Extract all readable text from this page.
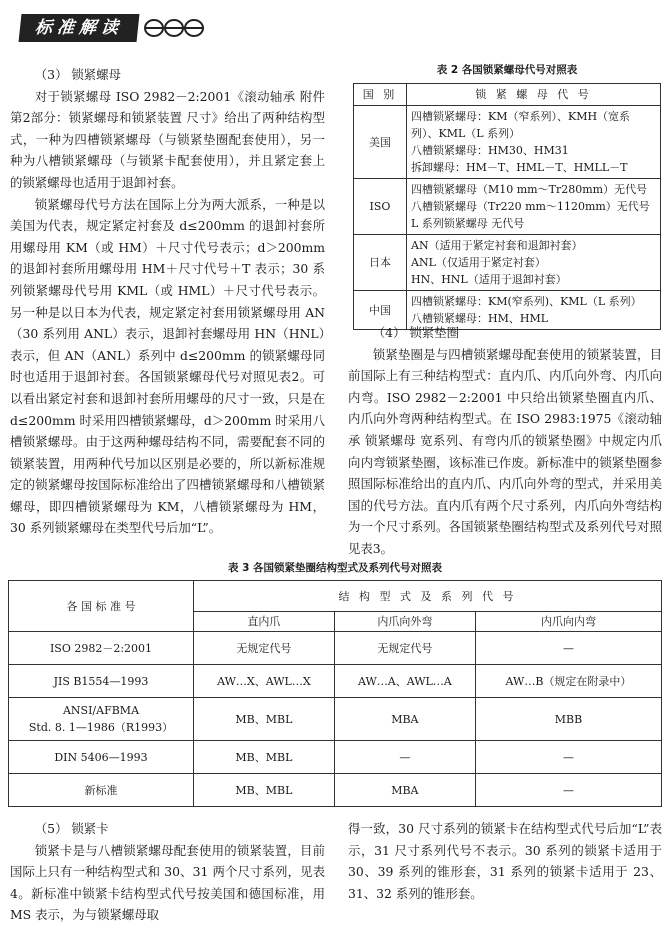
标准解读

（3） 锁紧螺母

对于锁紧螺母 ISO 2982－2:2001《滚动轴承 附件 第2部分：锁紧螺母和锁紧装置 尺寸》给出了两种结构型式，一种为四槽锁紧螺母（与锁紧垫圈配套使用），另一种为八槽锁紧螺母（与锁紧卡配套使用），并且紧定套上的锁紧螺母也适用于退卸衬套。

锁紧螺母代号方法在国际上分为两大派系，一种是以美国为代表，规定紧定衬套及 d≤200mm 的退卸衬套所用螺母用 KM（或 HM）＋尺寸代号表示；d＞200mm 的退卸衬套所用螺母用 HM＋尺寸代号＋T 表示；30 系列锁紧螺母代号用 KML（或 HML）＋尺寸代号表示。另一种是以日本为代表，规定紧定衬套用锁紧螺母用 AN（30 系列用 ANL）表示，退卸衬套螺母用 HN（HNL）表示，但 AN（ANL）系列中 d≤200mm 的锁紧螺母同时也适用于退卸衬套。各国锁紧螺母代号对照见表2。可以看出紧定衬套和退卸衬套所用螺母的尺寸一致，只是在 d≤200mm 时采用四槽锁紧螺母，d＞200mm 时采用八槽锁紧螺母。由于这两种螺母结构不同，需要配套不同的锁紧装置，用两种代号加以区别是必要的，所以新标准规定的锁紧螺母按国际标准给出了四槽锁紧螺母和八槽锁紧螺母，即四槽锁紧螺母为 KM，八槽锁紧螺母为 HM，30 系列锁紧螺母在类型代号后加“L”。

表 2 各国锁紧螺母代号对照表
国 别	锁 紧 螺 母 代 号
美国	四槽锁紧螺母：KM（窄系列）、KMH（宽系列）、KML（L 系列）
八槽锁紧螺母：HM30、HM31
拆卸螺母：HM－T、HML－T、HMLL－T

ISO	四槽锁紧螺母（M10 mm～Tr280mm）无代号
八槽锁紧螺母（Tr220 mm～1120mm）无代号
L 系列锁紧螺母 无代号

日本	AN（适用于紧定衬套和退卸衬套）
ANL（仅适用于紧定衬套）
HN、HNL（适用于退卸衬套）

中国	四槽锁紧螺母：KM(窄系列)、KML（L 系列）
八槽锁紧螺母：HM、HML

（4） 锁紧垫圈

锁紧垫圈是与四槽锁紧螺母配套使用的锁紧装置，目前国际上有三种结构型式：直内爪、内爪向外弯、内爪向内弯。ISO 2982－2:2001 中只给出锁紧垫圈直内爪、内爪向外弯两种结构型式。在 ISO 2983:1975《滚动轴承 锁紧螺母 宽系列、有弯内爪的锁紧垫圈》中规定内爪向内弯锁紧垫圈，该标准已作废。新标准中的锁紧垫圈参照国际标准给出的直内爪、内爪向外弯的型式，并采用美国的代号方法。直内爪有两个尺寸系列，内爪向外弯结构为一个尺寸系列。各国锁紧垫圈结构型式及系列代号对照见表3。

表 3 各国锁紧垫圈结构型式及系列代号对照表
各 国 标 准 号	结 构 型 式 及 系 列 代 号		
	直内爪	内爪向外弯	内爪向内弯
ISO 2982－2:2001	无规定代号	无规定代号	—
JIS B1554—1993	AW…X、AWL…X	AW…A、AWL…A	AW…B（规定在附录中）

ANSI/AFBMA
Std. 8. 1—1986（R1993）	MB、MBL	MBA	MBB
DIN 5406—1993	MB、MBL	—	—
新标准	MB、MBL	MBA	—

（5） 锁紧卡

锁紧卡是与八槽锁紧螺母配套使用的锁紧装置，目前国际上只有一种结构型式和 30、31 两个尺寸系列，见表4。新标准中锁紧卡结构型式代号按美国和德国标准，用 MS 表示，为与锁紧螺母取

得一致，30 尺寸系列的锁紧卡在结构型式代号后加“L”表示，31 尺寸系列代号不表示。30 系列的锁紧卡适用于 30、39 系列的锥形套，31 系列的锁紧卡适用于 23、31、32 系列的锥形套。
